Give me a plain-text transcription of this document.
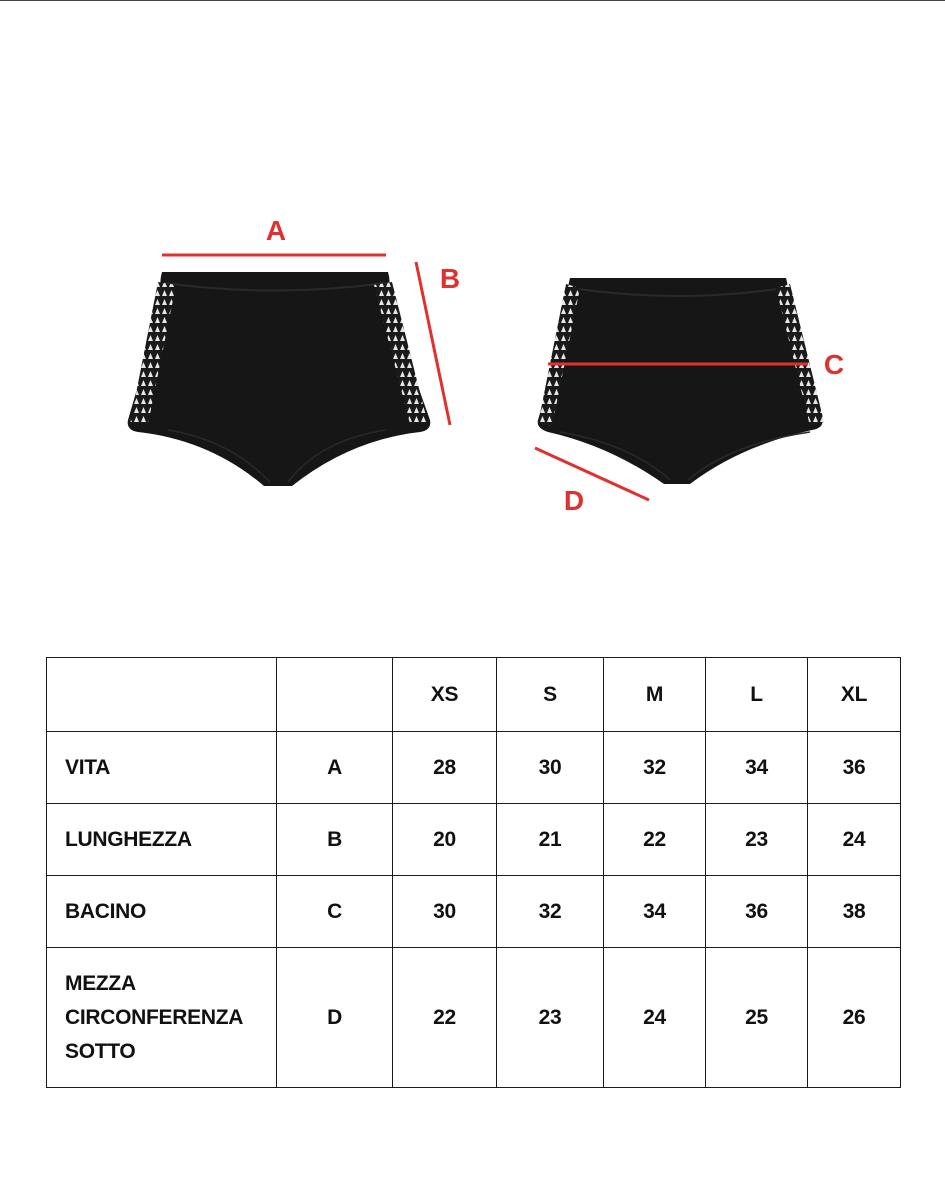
A
B
C
D
		XS	S	M	L	XL
VITA	A	28	30	32	34	36
LUNGHEZZA	B	20	21	22	23	24
BACINO	C	30	32	34	36	38
MEZZA
CIRCONFERENZA
SOTTO	D	22	23	24	25	26
